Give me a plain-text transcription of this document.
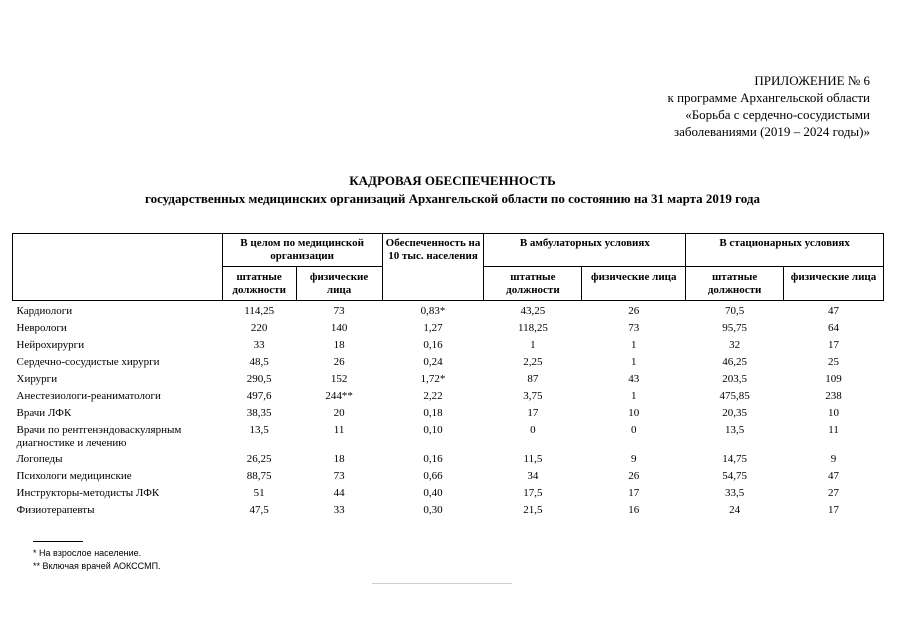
ПРИЛОЖЕНИЕ № 6
к программе Архангельской области
«Борьба с сердечно-сосудистыми
заболеваниями (2019 – 2024 годы)»
КАДРОВАЯ ОБЕСПЕЧЕННОСТЬ
государственных медицинских организаций Архангельской области по состоянию на 31 марта 2019 года
	В целом по медицинской организации		Обеспеченность на 10 тыс. населения	В амбулаторных условиях		В стационарных условиях	
	штатные должности	физические лица		штатные должности	физические лица	штатные должности	физические лица
Кардиологи	114,25	73	0,83*	43,25	26	70,5	47
Неврологи	220	140	1,27	118,25	73	95,75	64
Нейрохирурги	33	18	0,16	1	1	32	17
Сердечно-сосудистые хирурги	48,5	26	0,24	2,25	1	46,25	25
Хирурги	290,5	152	1,72*	87	43	203,5	109
Анестезиологи-реаниматологи	497,6	244**	2,22	3,75	1	475,85	238
Врачи ЛФК	38,35	20	0,18	17	10	20,35	10
Врачи по рентгенэндоваскулярным диагностике и лечению	13,5	11	0,10	0	0	13,5	11
Логопеды	26,25	18	0,16	11,5	9	14,75	9
Психологи медицинские	88,75	73	0,66	34	26	54,75	47
Инструкторы-методисты ЛФК	51	44	0,40	17,5	17	33,5	27
Физиотерапевты	47,5	33	0,30	21,5	16	24	17
* На взрослое население.
** Включая врачей АОКССМП.
